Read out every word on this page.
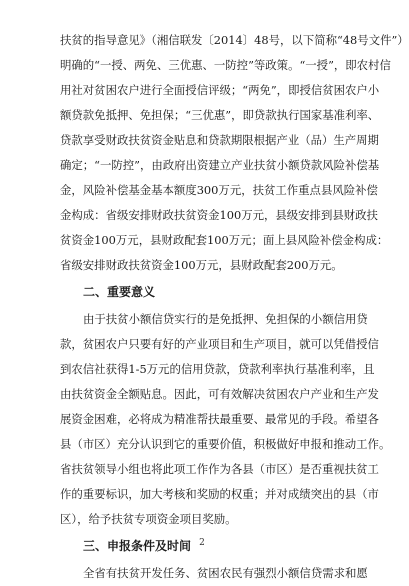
扶贫的指导意见》（湘信联发〔2014〕48号，以下简称“48号文件”）
明确的“一授、两免、三优惠、一防控”等政策。“一授”，即农村信
用社对贫困农户进行全面授信评级；“两免”，即授信贫困农户小
额贷款免抵押、免担保；“三优惠”，即贷款执行国家基准利率、
贷款享受财政扶贫资金贴息和贷款期限根据产业（品）生产周期
确定；“一防控”，由政府出资建立产业扶贫小额贷款风险补偿基
金，风险补偿基金基本额度300万元，扶贫工作重点县风险补偿
金构成：省级安排财政扶贫资金100万元，县级安排到县财政扶
贫资金100万元，县财政配套100万元；面上县风险补偿金构成：
省级安排财政扶贫资金100万元，县财政配套200万元。
二、重要意义
由于扶贫小额信贷实行的是免抵押、免担保的小额信用贷
款，贫困农户只要有好的产业项目和生产项目，就可以凭借授信
到农信社获得1-5万元的信用贷款，贷款利率执行基准利率，且
由扶贫资金全额贴息。因此，可有效解决贫困农户产业和生产发
展资金困难，必将成为精准帮扶最重要、最常见的手段。希望各
县（市区）充分认识到它的重要价值，积极做好申报和推动工作。
省扶贫领导小组也将此项工作作为各县（市区）是否重视扶贫工
作的重要标识，加大考核和奖励的权重；并对成绩突出的县（市
区），给予扶贫专项资金项目奖励。
三、申报条件及时间
全省有扶贫开发任务、贫困农民有强烈小额信贷需求和愿
2
